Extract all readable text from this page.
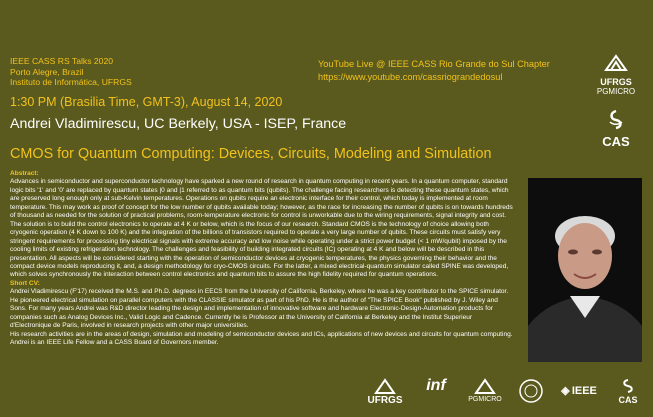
IEEE CASS RS Talks 2020
Porto Alegre, Brazil
Instituto de Informática, UFRGS
YouTube Live @ IEEE CASS Rio Grande do Sul Chapter
https://www.youtube.com/cassriograndedosul
UFRGS
PGMICRO
CAS
1:30 PM (Brasilia Time, GMT-3), August 14, 2020
Andrei Vladimirescu, UC Berkely, USA - ISEP, France
CMOS for Quantum Computing: Devices, Circuits, Modeling and Simulation
Abstract:
Advances in semiconductor and superconductor technology have sparked a new round of research in quantum computing in recent years. In a quantum computer, standard logic bits '1' and '0' are replaced by quantum states |0 and |1 referred to as quantum bits (qubits). The challenge facing researchers is detecting these quantum states, which are preserved long enough only at sub-Kelvin temperatures. Operations on qubits require an electronic interface for their control, which today is implemented at room temperature. This may work as proof of concept for the low number of qubits available today; however, as the race for increasing the number of qubits is on towards hundreds of thousand as needed for the solution of practical problems, room-temperature electronic for control is unworkable due to the wiring requirements, signal integrity and cost. The solution is to build the control electronics to operate at 4 K or below, which is the focus of our research. Standard CMOS is the technology of choice allowing both cryogenic operation (4 K down to 100 K) and the integration of the billions of transistors required to operate a very large number of qubits. These circuits must satisfy very stringent requirements for processing tiny electrical signals with extreme accuracy and low noise while operating under a strict power budget (< 1 mW/qubit) imposed by the cooling limits of existing refrigeration technology. The challenges and feasibility of building integrated circuits (IC) operating at 4 K and below will be described in this presentation. All aspects will be considered starting with the operation of semiconductor devices at cryogenic temperatures, the physics governing their behavior and the compact device models reproducing it, and, a design methodology for cryo-CMOS circuits. For the latter, a mixed electrical-quantum simulator called SPINE was developed, which solves synchronously the interaction between control electronics and quantum bits to assure the high fidelity required for quantum operations.
Short CV:
Andrei Vladimirescu (F'17) received the M.S. and Ph.D. degrees in EECS from the University of California, Berkeley, where he was a key contributor to the SPICE simulator. He pioneered electrical simulation on parallel computers with the CLASSIE simulator as part of his PhD. He is the author of "The SPICE Book" published by J. Wiley and Sons. For many years Andrei was R&D director leading the design and implementation of innovative software and hardware Electronic-Design-Automation products for companies such as Analog Devices Inc., Valid Logic and Cadence. Currently he is Professor at the University of California at Berkeley and the Institut Superieur d'Electronique de Paris, involved in research projects with other major universities.
His research activities are in the areas of design, simulation and modeling of semiconductor devices and ICs, applications of new devices and circuits for quantum computing. Andrei is an IEEE Life Fellow and a CASS Board of Governors member.
UFRGS
inf
PGMICRO
◈ IEEE
CAS
